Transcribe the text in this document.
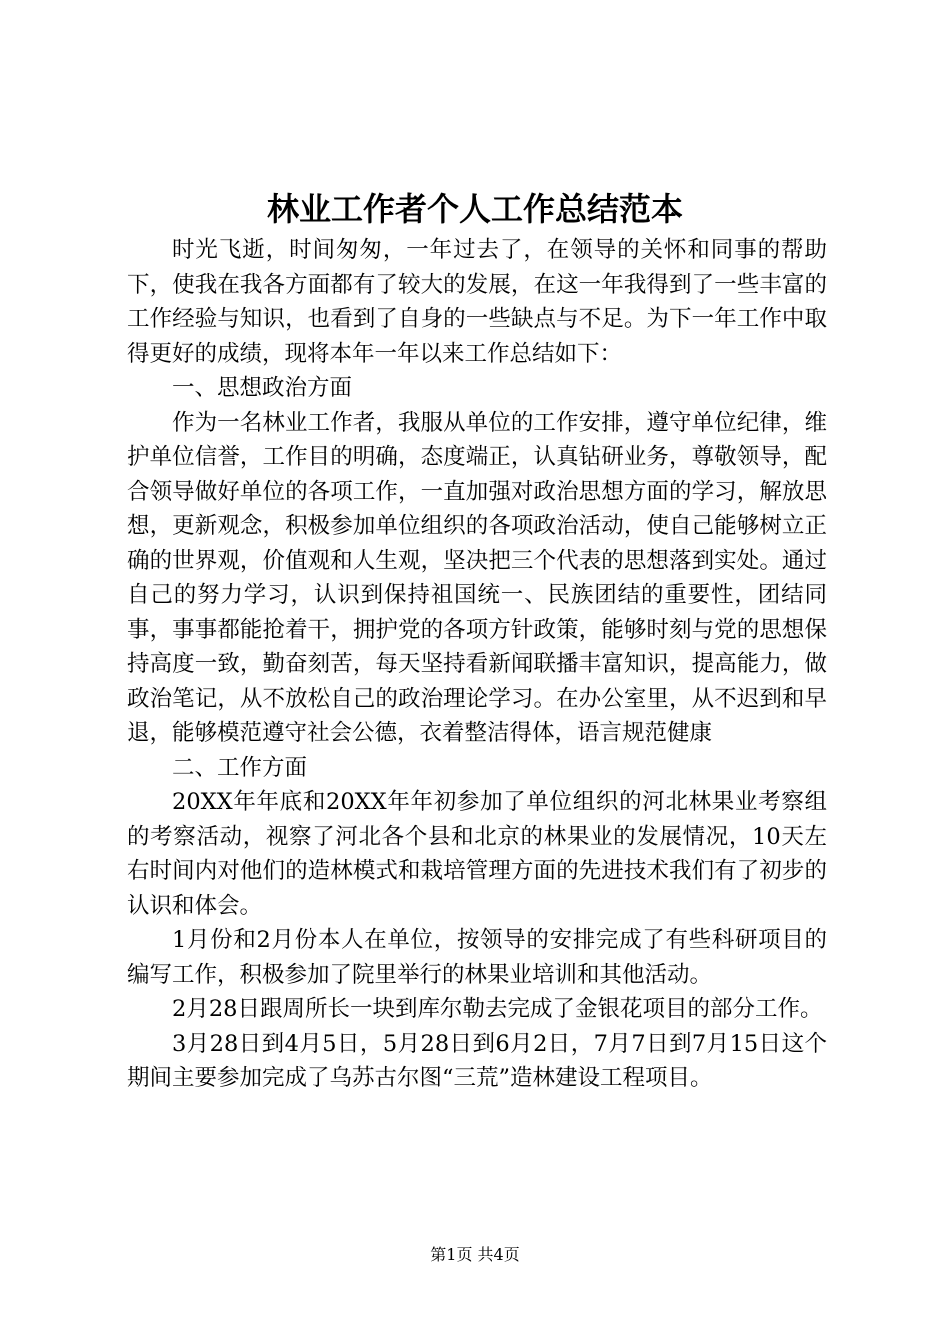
林业工作者个人工作总结范本

时光飞逝，时间匆匆，一年过去了，在领导的关怀和同事的帮助下，使我在我各方面都有了较大的发展，在这一年我得到了一些丰富的工作经验与知识，也看到了自身的一些缺点与不足。为下一年工作中取得更好的成绩，现将本年一年以来工作总结如下：

一、思想政治方面

作为一名林业工作者，我服从单位的工作安排，遵守单位纪律，维护单位信誉，工作目的明确，态度端正，认真钻研业务，尊敬领导，配合领导做好单位的各项工作，一直加强对政治思想方面的学习，解放思想，更新观念，积极参加单位组织的各项政治活动，使自己能够树立正确的世界观，价值观和人生观，坚决把三个代表的思想落到实处。通过自己的努力学习，认识到保持祖国统一、民族团结的重要性，团结同事，事事都能抢着干，拥护党的各项方针政策，能够时刻与党的思想保持高度一致，勤奋刻苦，每天坚持看新闻联播丰富知识，提高能力，做政治笔记，从不放松自己的政治理论学习。在办公室里，从不迟到和早退，能够模范遵守社会公德，衣着整洁得体，语言规范健康

二、工作方面

20XX年年底和20XX年年初参加了单位组织的河北林果业考察组的考察活动，视察了河北各个县和北京的林果业的发展情况，10天左右时间内对他们的造林模式和栽培管理方面的先进技术我们有了初步的认识和体会。

1月份和2月份本人在单位，按领导的安排完成了有些科研项目的编写工作，积极参加了院里举行的林果业培训和其他活动。

2月28日跟周所长一块到库尔勒去完成了金银花项目的部分工作。

3月28日到4月5日，5月28日到6月2日，7月7日到7月15日这个期间主要参加完成了乌苏古尔图“三荒”造林建设工程项目。

第1页 共4页
